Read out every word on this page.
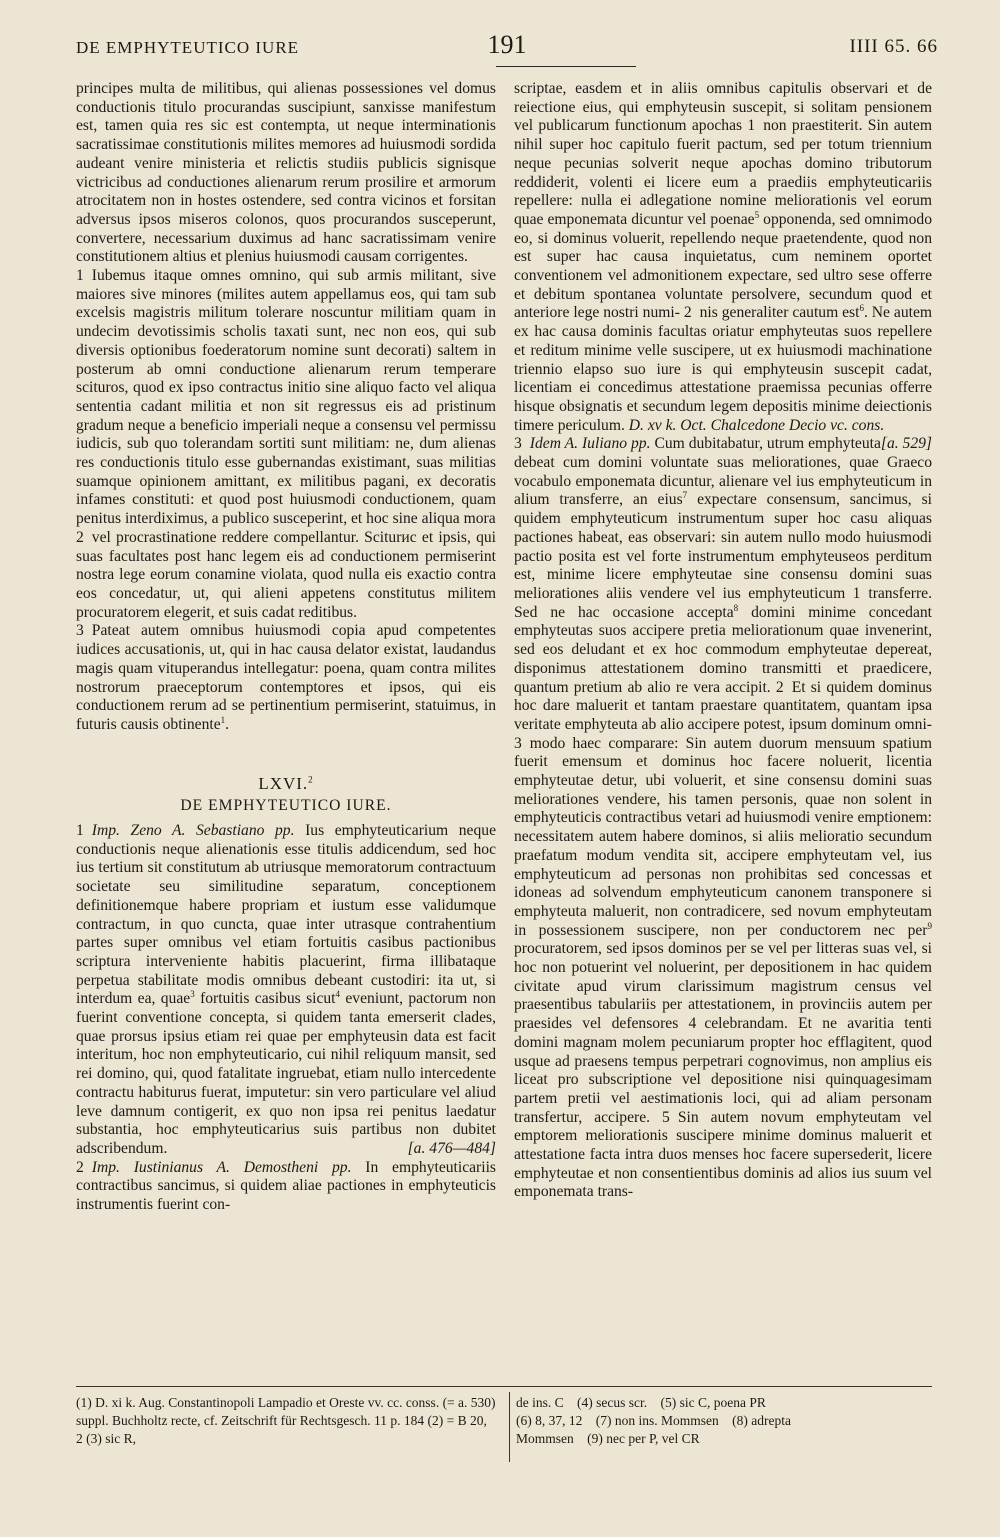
DE EMPHYTEUTICO IURE	191	IIII 65. 66

principes multa de militibus, qui alienas possessiones vel domus conductionis titulo procurandas suscipiunt, sanxisse manifestum est, tamen quia res sic est contempta, ut neque interminationis sacratissimae constitutionis milites memores ad huiusmodi sordida audeant venire ministeria et relictis studiis publicis signisque victricibus ad conductiones alienarum rerum prosilire et armorum atrocitatem non in hostes ostendere, sed contra vicinos et forsitan adversus ipsos miseros colonos, quos procurandos susceperunt, convertere, necessarium duximus ad hanc sacratissimam venire constitutionem altius et plenius huiusmodi causam corrigentes.

1 Iubemus itaque omnes omnino, qui sub armis militant, sive maiores sive minores (milites autem appellamus eos, qui tam sub excelsis magistris militum tolerare noscuntur militiam quam in undecim devotissimis scholis taxati sunt, nec non eos, qui sub diversis optionibus foederatorum nomine sunt decorati) saltem in posterum ab omni conductione alienarum rerum temperare scituros, quod ex ipso contractus initio sine aliquo facto vel aliqua sententia cadant militia et non sit regressus eis ad pristinum gradum neque a beneficio imperiali neque a consensu vel permissu iudicis, sub quo tolerandam sortiti sunt militiam: ne, dum alienas res conductionis titulo esse gubernandas existimant, suas militias suamque opinionem amittant, ex militibus pagani, ex decoratis infames constituti: et quod post huiusmodi conductionem, quam penitus interdiximus, a publico susceperint, et hoc sine aliqua mora

2 vel procrastinatione reddere compellantur. Sciturис et ipsis, qui suas facultates post hanc legem eis ad conductionem permiserint nostra lege eorum conamine violata, quod nulla eis exactio contra eos concedatur, ut, qui alieni appetens constitutus militem procuratorem elegerit, et suis cadat reditibus.

3 Pateat autem omnibus huiusmodi copia apud competentes iudices accusationis, ut, qui in hac causa delator existat, laudandus magis quam vituperandus intellegatur: poena, quam contra milites nostrorum praeceptorum contemptores et ipsos, qui eis conductionem rerum ad se pertinentium permiserint, statuimus, in futuris causis obtinente$^1$.

LXVI.$^2$
DE EMPHYTEUTICO IURE.

1 Imp. Zeno A. Sebastiano pp. Ius emphyteuticarium neque conductionis neque alienationis esse titulis addicendum, sed hoc ius tertium sit constitutum ab utriusque memoratorum contractuum societate seu similitudine separatum, conceptionem definitionemque habere propriam et iustum esse validumque contractum, in quo cuncta, quae inter utrasque contrahentium partes super omnibus vel etiam fortuitis casibus pactionibus scriptura interveniente habitis placuerint, firma illibataque perpetua stabilitate modis omnibus debeant custodiri: ita ut, si interdum ea, quae$^3$ fortuitis casibus sicut$^4$ eveniunt, pactorum non fuerint conventione concepta, si quidem tanta emerserit clades, quae prorsus ipsius etiam rei quae per emphyteusin data est facit interitum, hoc non emphyteuticario, cui nihil reliquum mansit, sed rei domino, qui, quod fatalitate ingruebat, etiam nullo intercedente contractu habiturus fuerat, imputetur: sin vero particulare vel aliud leve damnum contigerit, ex quo non ipsa rei penitus laedatur substantia, hoc emphyteuticarius suis partibus non dubitet adscribendum.	[a. 476—484]

2 Imp. Iustinianus A. Demostheni pp. In emphyteuticariis contractibus sancimus, si quidem aliae pactiones in emphyteuticis instrumentis fuerint con-

scriptae, easdem et in aliis omnibus capitulis observari et de reiectione eius, qui emphyteusin suscepit, si solitam pensionem vel publicarum functionum apochas 1 non praestiterit. Sin autem nihil super hoc capitulo fuerit pactum, sed per totum triennium neque pecunias solverit neque apochas domino tributorum reddiderit, volenti ei licere eum a praediis emphyteuticariis repellere: nulla ei adlegatione nomine meliorationis vel eorum quae emponemata dicuntur vel poenae$^5$ opponenda, sed omnimodo eo, si dominus voluerit, repellendo neque praetendente, quod non est super hac causa inquietatus, cum neminem oportet conventionem vel admonitionem expectare, sed ultro sese offerre et debitum spontanea voluntate persolvere, secundum quod et anteriore lege nostri numi- 2 nis generaliter cautum est$^6$. Ne autem ex hac causa dominis facultas oriatur emphyteutas suos repellere et reditum minime velle suscipere, ut ex huiusmodi machinatione triennio elapso suo iure is qui emphyteusin suscepit cadat, licentiam ei concedimus attestatione praemissa pecunias offerre hisque obsignatis et secundum legem depositis minime deiectionis timere periculum. D. xv k. Oct. Chalcedone Decio vc. cons.
[a. 529]

3 Idem A. Iuliano pp. Cum dubitabatur, utrum emphyteuta debeat cum domini voluntate suas meliorationes, quae Graeco vocabulo emponemata dicuntur, alienare vel ius emphyteuticum in alium transferre, an eius$^7$ expectare consensum, sancimus, si quidem emphyteuticum instrumentum super hoc casu aliquas pactiones habeat, eas observari: sin autem nullo modo huiusmodi pactio posita est vel forte instrumentum emphyteuseos perditum est, minime licere emphyteutae sine consensu domini suas meliorationes aliis vendere vel ius emphyteuticum 1 transferre. Sed ne hac occasione accepta$^8$ domini minime concedant emphyteutas suos accipere pretia meliorationum quae invenerint, sed eos deludant et ex hoc commodum emphyteutae depereat, disponimus attestationem domino transmitti et praedicere, quantum pretium ab alio re vera accipit. 2 Et si quidem dominus hoc dare maluerit et tantam praestare quantitatem, quantam ipsa veritate emphyteuta ab alio accipere potest, ipsum dominum omni- 3 modo haec comparare: Sin autem duorum mensuum spatium fuerit emensum et dominus hoc facere noluerit, licentia emphyteutae detur, ubi voluerit, et sine consensu domini suas meliorationes vendere, his tamen personis, quae non solent in emphyteuticis contractibus vetari ad huiusmodi venire emptionem: necessitatem autem habere dominos, si aliis melioratio secundum praefatum modum vendita sit, accipere emphyteutam vel, ius emphyteuticum ad personas non prohibitas sed concessas et idoneas ad solvendum emphyteuticum canonem transponere si emphyteuta maluerit, non contradicere, sed novum emphyteutam in possessionem suscipere, non per conductorem nec per$^9$ procuratorem, sed ipsos dominos per se vel per litteras suas vel, si hoc non potuerint vel noluerint, per depositionem in hac quidem civitate apud virum clarissimum magistrum census vel praesentibus tabulariis per attestationem, in provinciis autem per praesides vel defensores 4 celebrandam. Et ne avaritia tenti domini magnam molem pecuniarum propter hoc efflagitent, quod usque ad praesens tempus perpetrari cognovimus, non amplius eis liceat pro subscriptione vel depositione nisi quinquagesimam partem pretii vel aestimationis loci, qui ad aliam personam transfertur, accipere. 5 Sin autem novum emphyteutam vel emptorem meliorationis suscipere minime dominus maluerit et attestatione facta intra duos menses hoc facere supersederit, licere emphyteutae et non consentientibus dominis ad alios ius suum vel emponemata trans-

(1) D. xi k. Aug. Constantinopoli Lampadio et Oreste vv. cc. conss. (= a. 530) suppl. Buchholtz recte, cf. Zeitschrift für Rechtsgesch. 11 p. 184 (2) = B 20, 2 (3) sic R,
de ins. C (4) secus scr. (5) sic C, poena PR
(6) 8, 37, 12 (7) non ins. Mommsen (8) adrepta
Mommsen (9) nec per P, vel CR
